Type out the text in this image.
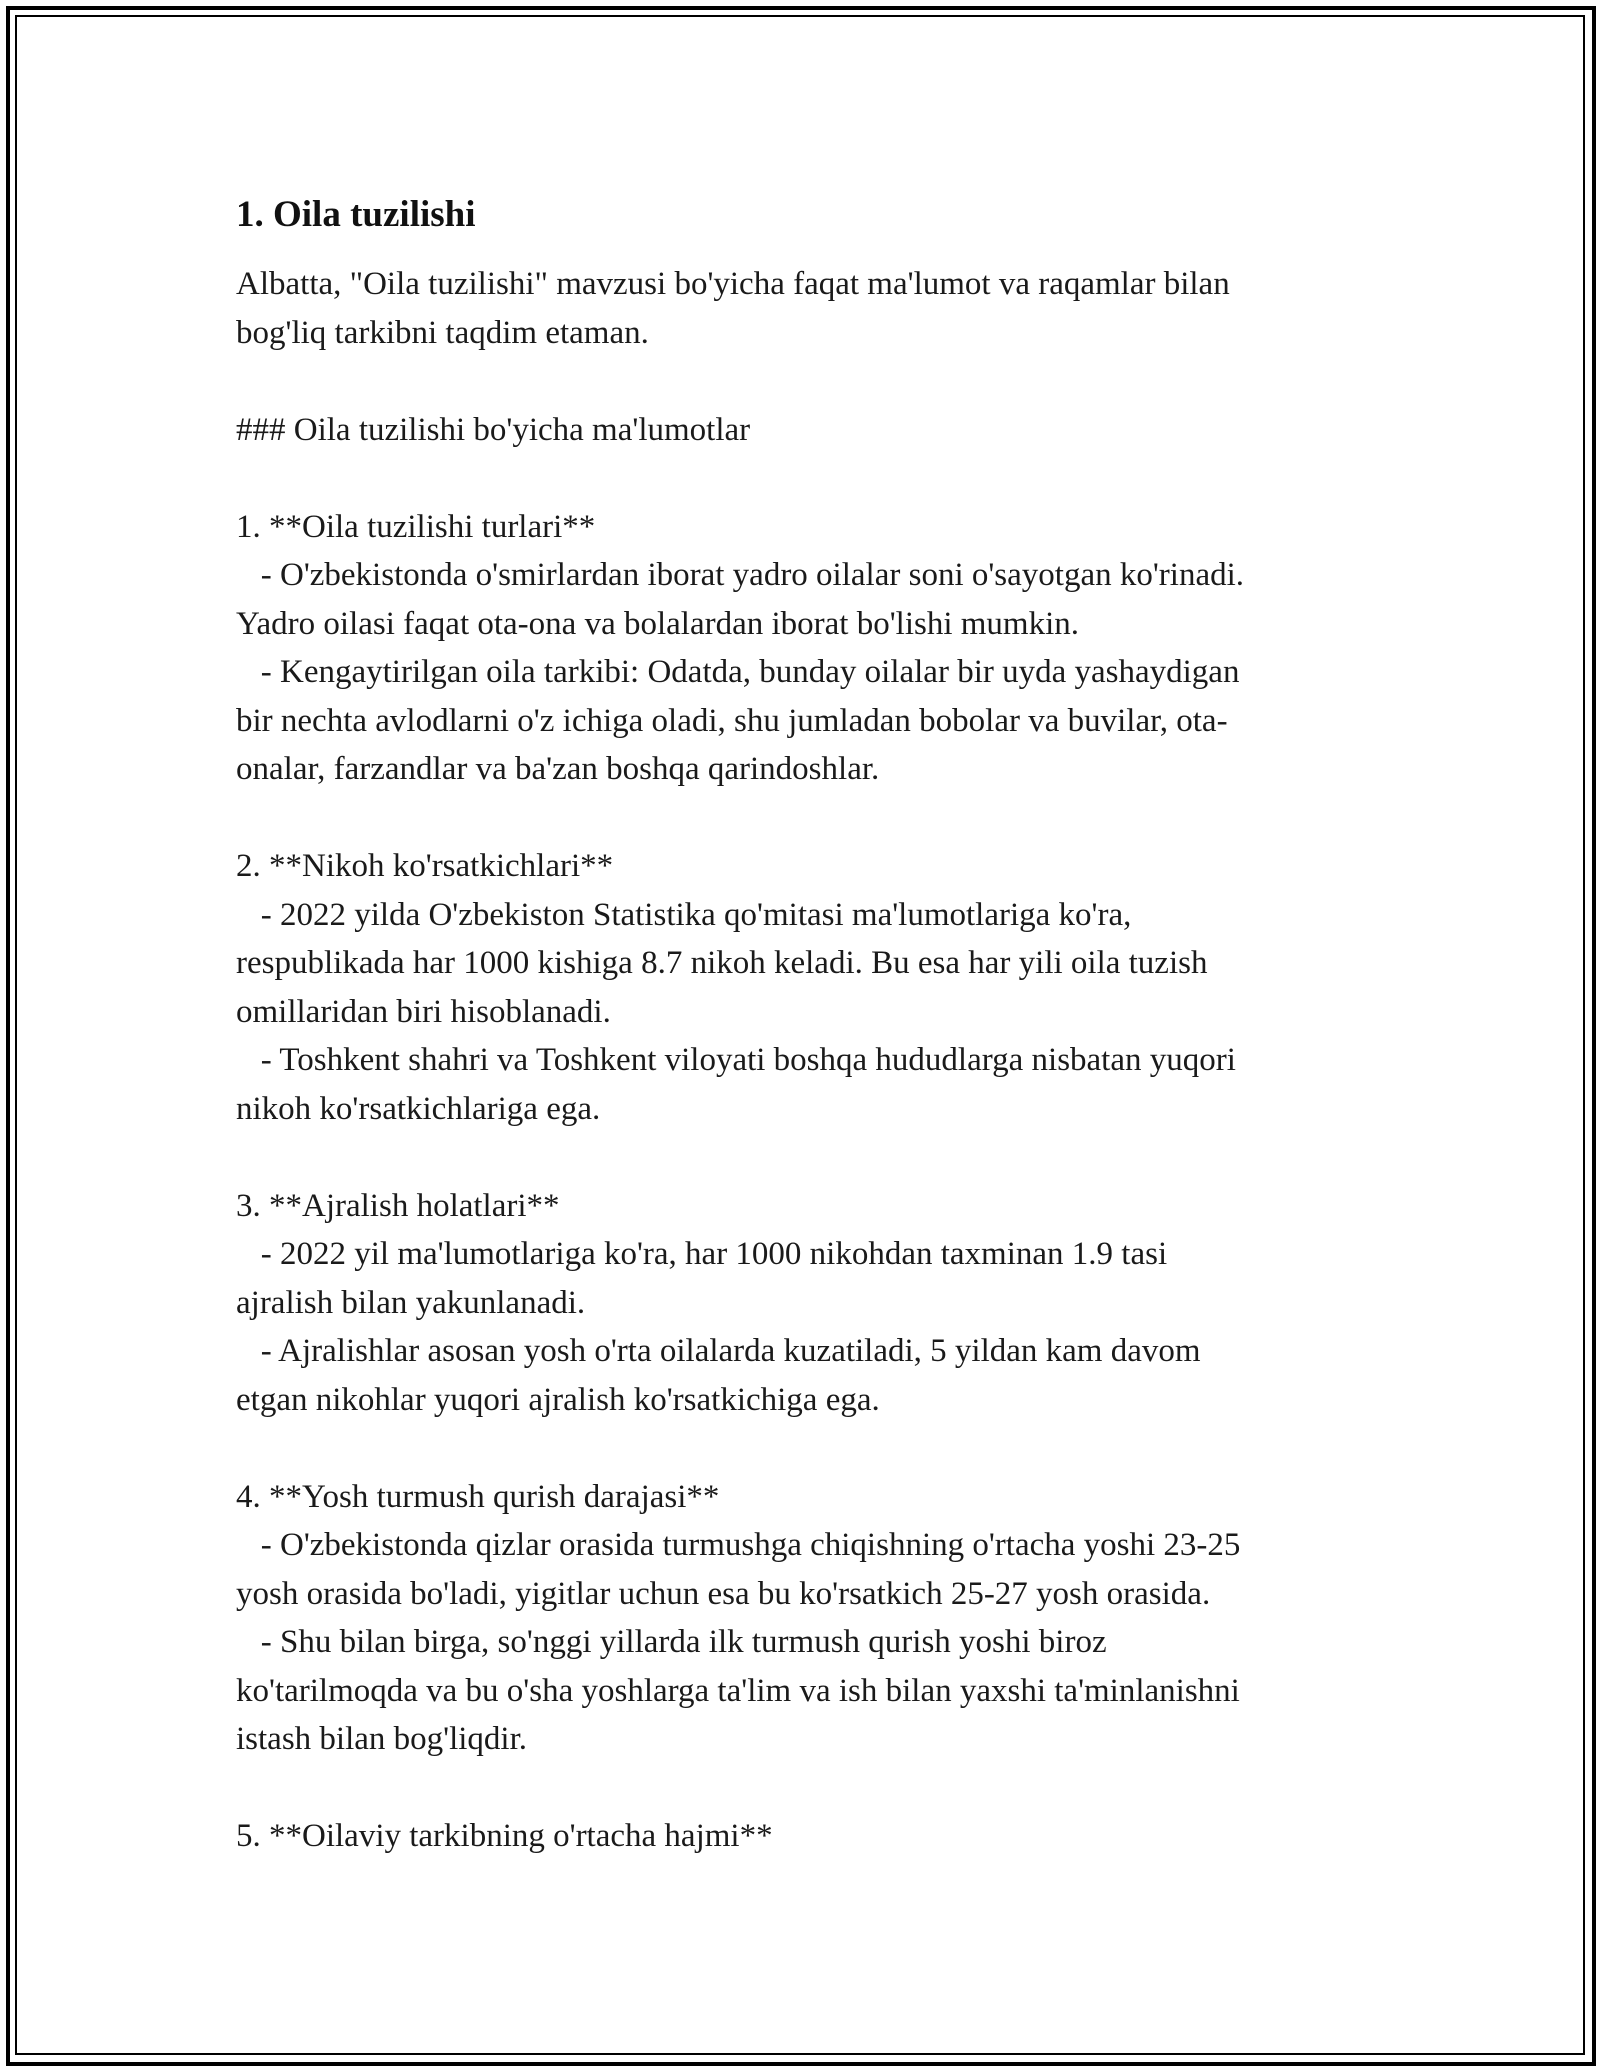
1. Oila tuzilishi
Albatta, "Oila tuzilishi" mavzusi bo'yicha faqat ma'lumot va raqamlar bilan
bog'liq tarkibni taqdim etaman.
### Oila tuzilishi bo'yicha ma'lumotlar
1. **Oila tuzilishi turlari**
- O'zbekistonda o'smirlardan iborat yadro oilalar soni o'sayotgan ko'rinadi.
Yadro oilasi faqat ota-ona va bolalardan iborat bo'lishi mumkin.
- Kengaytirilgan oila tarkibi: Odatda, bunday oilalar bir uyda yashaydigan
bir nechta avlodlarni o'z ichiga oladi, shu jumladan bobolar va buvilar, ota-
onalar, farzandlar va ba'zan boshqa qarindoshlar.
2. **Nikoh ko'rsatkichlari**
- 2022 yilda O'zbekiston Statistika qo'mitasi ma'lumotlariga ko'ra,
respublikada har 1000 kishiga 8.7 nikoh keladi. Bu esa har yili oila tuzish
omillaridan biri hisoblanadi.
- Toshkent shahri va Toshkent viloyati boshqa hududlarga nisbatan yuqori
nikoh ko'rsatkichlariga ega.
3. **Ajralish holatlari**
- 2022 yil ma'lumotlariga ko'ra, har 1000 nikohdan taxminan 1.9 tasi
ajralish bilan yakunlanadi.
- Ajralishlar asosan yosh o'rta oilalarda kuzatiladi, 5 yildan kam davom
etgan nikohlar yuqori ajralish ko'rsatkichiga ega.
4. **Yosh turmush qurish darajasi**
- O'zbekistonda qizlar orasida turmushga chiqishning o'rtacha yoshi 23-25
yosh orasida bo'ladi, yigitlar uchun esa bu ko'rsatkich 25-27 yosh orasida.
- Shu bilan birga, so'nggi yillarda ilk turmush qurish yoshi biroz
ko'tarilmoqda va bu o'sha yoshlarga ta'lim va ish bilan yaxshi ta'minlanishni
istash bilan bog'liqdir.
5. **Oilaviy tarkibning o'rtacha hajmi**
